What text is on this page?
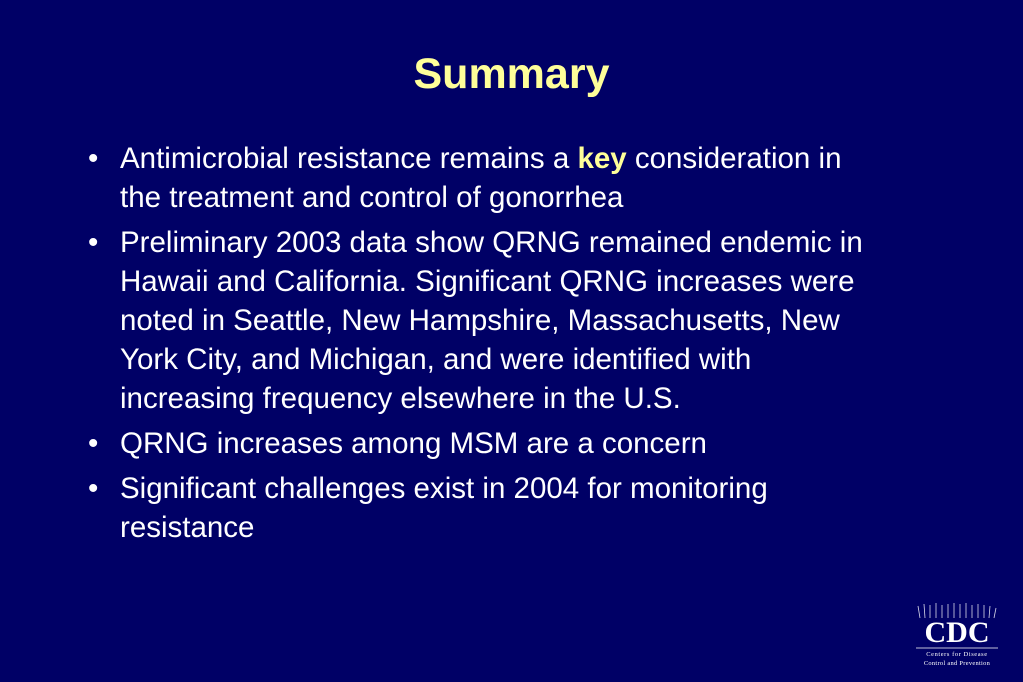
Summary
• Antimicrobial resistance remains a key consideration in the treatment and control of gonorrhea
• Preliminary 2003 data show QRNG remained endemic in Hawaii and California. Significant QRNG increases were noted in Seattle, New Hampshire, Massachusetts, New York City, and Michigan, and were identified with increasing frequency elsewhere in the U.S.
• QRNG increases among MSM are a concern
• Significant challenges exist in 2004 for monitoring resistance
CDC
Centers for Disease
Control and Prevention
